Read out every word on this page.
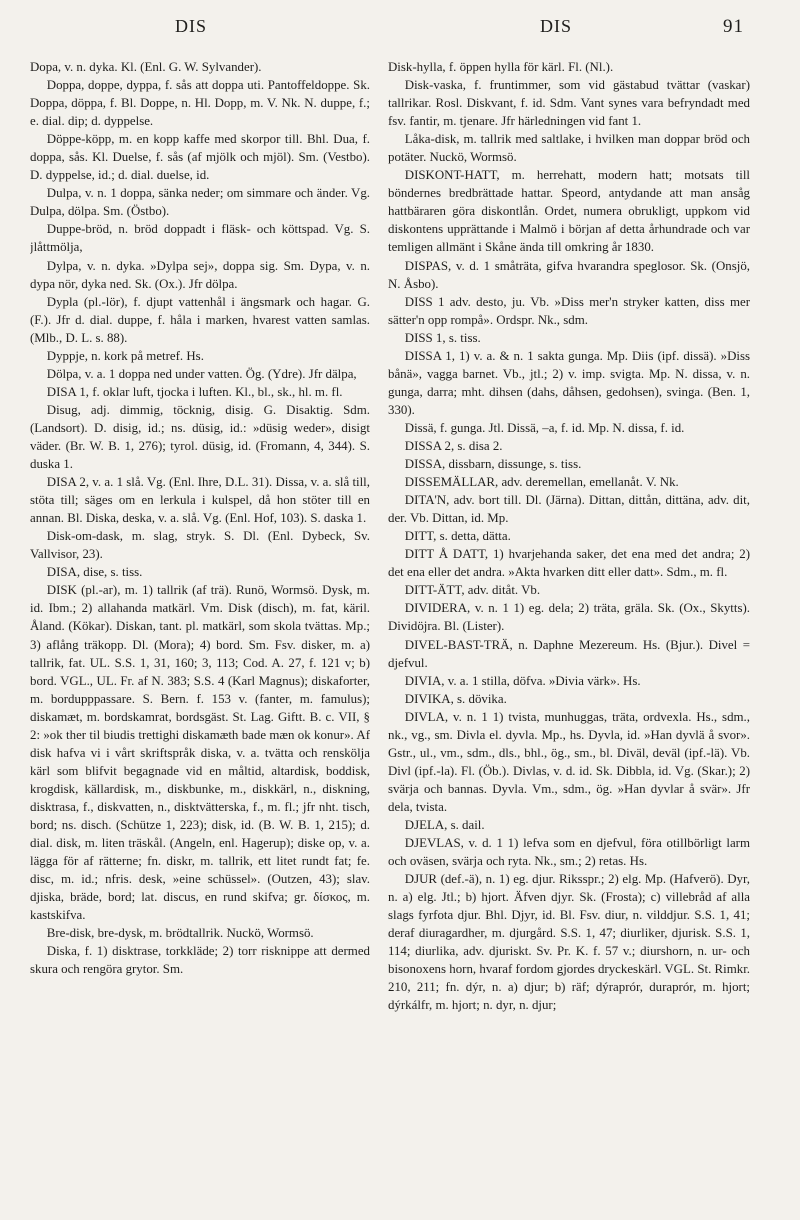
DIS	DIS	91

Dopa, v. n. dyka. Kl. (Enl. G. W. Sylvander).

Doppa, doppe, dyppa, f. sås att doppa uti. Pantoffeldoppe. Sk. Doppa, döppa, f. Bl. Doppe, n. Hl. Dopp, m. V. Nk. N. duppe, f.; e. dial. dip; d. dyppelse.

Döppe-köpp, m. en kopp kaffe med skorpor till. Bhl. Dua, f. doppa, sås. Kl. Duelse, f. sås (af mjölk och mjöl). Sm. (Vestbo). D. dyppelse, id.; d. dial. duelse, id.

Dulpa, v. n. 1 doppa, sänka neder; om simmare och änder. Vg. Dulpa, dölpa. Sm. (Östbo).

Duppe-bröd, n. bröd doppadt i fläsk- och köttspad. Vg. S. jlåttmölja,

Dylpa, v. n. dyka. »Dylpa sej», doppa sig. Sm. Dypa, v. n. dypa nör, dyka ned. Sk. (Ox.). Jfr dölpa.

Dypla (pl.-lör), f. djupt vattenhål i ängsmark och hagar. G. (F.). Jfr d. dial. duppe, f. håla i marken, hvarest vatten samlas. (Mlb., D. L. s. 88).

Dyppje, n. kork på metref. Hs.

Dölpa, v. a. 1 doppa ned under vatten. Ög. (Ydre). Jfr dälpa,

DISA 1, f. oklar luft, tjocka i luften. Kl., bl., sk., hl. m. fl.

Disug, adj. dimmig, töcknig, disig. G. Disaktig. Sdm. (Landsort). D. disig, id.; ns. düsig, id.: »düsig weder», disigt väder. (Br. W. B. 1, 276); tyrol. düsig, id. (Fromann, 4, 344). S. duska 1.

DISA 2, v. a. 1 slå. Vg. (Enl. Ihre, D.L. 31). Dissa, v. a. slå till, stöta till; säges om en lerkula i kulspel, då hon stöter till en annan. Bl. Diska, deska, v. a. slå. Vg. (Enl. Hof, 103). S. daska 1.

Disk-om-dask, m. slag, stryk. S. Dl. (Enl. Dybeck, Sv. Vallvisor, 23).

DISA, dise, s. tiss.

DISK (pl.-ar), m. 1) tallrik (af trä). Runö, Wormsö. Dysk, m. id. Ibm.; 2) allahanda matkärl. Vm. Disk (disch), m. fat, käril. Åland. (Kökar). Diskan, tant. pl. matkärl, som skola tvättas. Mp.; 3) aflång träkopp. Dl. (Mora); 4) bord. Sm. Fsv. disker, m. a) tallrik, fat. UL. S.S. 1, 31, 160; 3, 113; Cod. A. 27, f. 121 v; b) bord. VGL., UL. Fr. af N. 383; S.S. 4 (Karl Magnus); diskaforter, m. bordupppassare. S. Bern. f. 153 v. (fanter, m. famulus); diskamæt, m. bordskamrat, bordsgäst. St. Lag. Giftt. B. c. VII, § 2: »ok ther til biudis trettighi diskamæth bade mæn ok konur». Af disk hafva vi i vårt skriftspråk diska, v. a. tvätta och renskölja kärl som blifvit begagnade vid en måltid, altardisk, boddisk, krogdisk, källardisk, m., diskbunke, m., diskkärl, n., diskning, disktrasa, f., diskvatten, n., disktvätterska, f., m. fl.; jfr nht. tisch, bord; ns. disch. (Schütze 1, 223); disk, id. (B. W. B. 1, 215); d. dial. disk, m. liten träskål. (Angeln, enl. Hagerup); diske op, v. a. lägga för af rätterne; fn. diskr, m. tallrik, ett litet rundt fat; fe. disc, m. id.; nfris. desk, »eine schüssel». (Outzen, 43); slav. djiska, bräde, bord; lat. discus, en rund skifva; gr. δίσκος, m. kastskifva.

Bre-disk, bre-dysk, m. brödtallrik. Nuckö, Wormsö.

Diska, f. 1) disktrase, torkkläde; 2) torr risknippe att dermed skura och rengöra grytor. Sm.

Disk-hylla, f. öppen hylla för kärl. Fl. (Nl.).

Disk-vaska, f. fruntimmer, som vid gästabud tvättar (vaskar) tallrikar. Rosl. Diskvant, f. id. Sdm. Vant synes vara befryndadt med fsv. fantir, m. tjenare. Jfr härledningen vid fant 1.

Låka-disk, m. tallrik med saltlake, i hvilken man doppar bröd och potäter. Nuckö, Wormsö.

DISKONT-HATT, m. herrehatt, modern hatt; motsats till böndernes bredbrättade hattar. Speord, antydande att man ansåg hattbäraren göra diskontlån. Ordet, numera obrukligt, uppkom vid diskontens upprättande i Malmö i början af detta århundrade och var temligen allmänt i Skåne ända till omkring år 1830.

DISPAS, v. d. 1 småträta, gifva hvarandra speglosor. Sk. (Onsjö, N. Åsbo).

DISS 1 adv. desto, ju. Vb. »Diss mer'n stryker katten, diss mer sätter'n opp rompå». Ordspr. Nk., sdm.

DISS 1, s. tiss.

DISSA 1, 1) v. a. & n. 1 sakta gunga. Mp. Diis (ipf. dissä). »Diss bånä», vagga barnet. Vb., jtl.; 2) v. imp. svigta. Mp. N. dissa, v. n. gunga, darra; mht. dihsen (dahs, dåhsen, gedohsen), svinga. (Ben. 1, 330).

Dissä, f. gunga. Jtl. Dissä, –a, f. id. Mp. N. dissa, f. id.

DISSA 2, s. disa 2.

DISSA, dissbarn, dissunge, s. tiss.

DISSEMÄLLAR, adv. deremellan, emellanåt. V. Nk.

DITA'N, adv. bort till. Dl. (Järna). Dittan, dittån, dittäna, adv. dit, der. Vb. Dittan, id. Mp.

DITT, s. detta, dätta.

DITT Å DATT, 1) hvarjehanda saker, det ena med det andra; 2) det ena eller det andra. »Akta hvarken ditt eller datt». Sdm., m. fl.

DITT-ÄTT, adv. ditåt. Vb.

DIVIDERA, v. n. 1 1) eg. dela; 2) träta, gräla. Sk. (Ox., Skytts). Dividöjra. Bl. (Lister).

DIVEL-BAST-TRÄ, n. Daphne Mezereum. Hs. (Bjur.). Divel = djefvul.

DIVIA, v. a. 1 stilla, döfva. »Divia värk». Hs.

DIVIKA, s. dövika.

DIVLA, v. n. 1 1) tvista, munhuggas, träta, ordvexla. Hs., sdm., nk., vg., sm. Divla el. dyvla. Mp., hs. Dyvla, id. »Han dyvlä å svor». Gstr., ul., vm., sdm., dls., bhl., ög., sm., bl. Diväl, deväl (ipf.-lä). Vb. Divl (ipf.-la). Fl. (Öb.). Divlas, v. d. id. Sk. Dibbla, id. Vg. (Skar.); 2) svärja och bannas. Dyvla. Vm., sdm., ög. »Han dyvlar å svär». Jfr dela, tvista.

DJELA, s. dail.

DJEVLAS, v. d. 1 1) lefva som en djefvul, föra otillbörligt larm och oväsen, svärja och ryta. Nk., sm.; 2) retas. Hs.

DJUR (def.-ä), n. 1) eg. djur. Riksspr.; 2) elg. Mp. (Hafverö). Dyr, n. a) elg. Jtl.; b) hjort. Äfven djyr. Sk. (Frosta); c) villebråd af alla slags fyrfota djur. Bhl. Djyr, id. Bl. Fsv. diur, n. vilddjur. S.S. 1, 41; deraf diuragardher, m. djurgård. S.S. 1, 47; diurliker, djurisk. S.S. 1, 114; diurlika, adv. djuriskt. Sv. Pr. K. f. 57 v.; diurshorn, n. ur- och bisonoxens horn, hvaraf fordom gjordes dryckeskärl. VGL. St. Rimkr. 210, 211; fn. dýr, n. a) djur; b) räf; dýraprór, duraprór, m. hjort; dýrkálfr, m. hjort; n. dyr, n. djur;
